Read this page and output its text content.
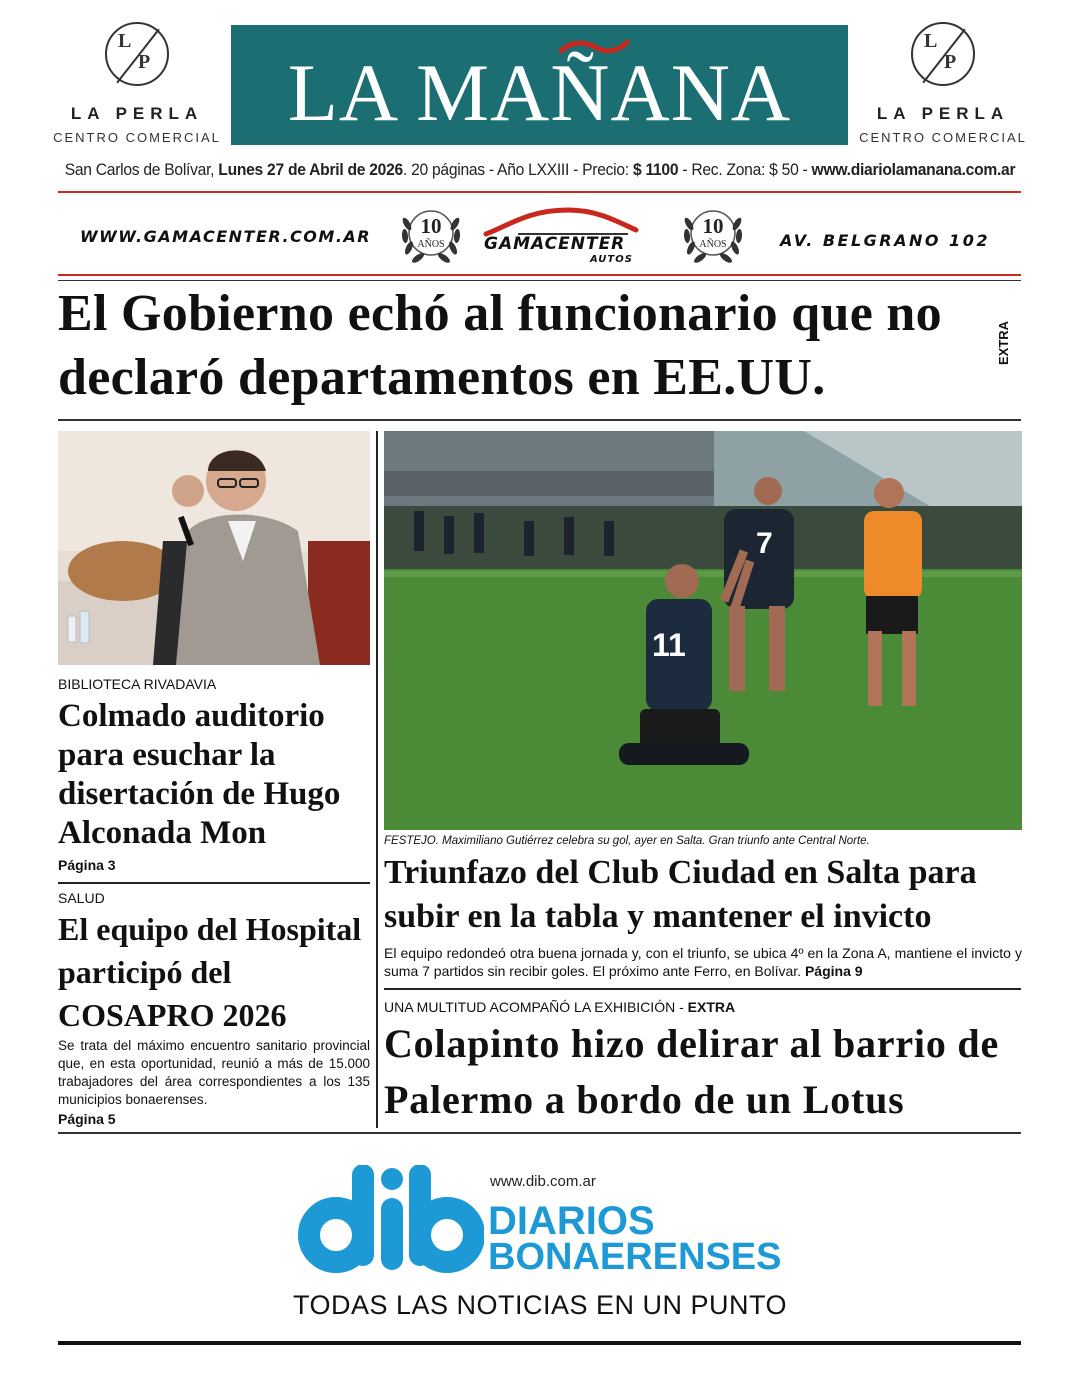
L
P
LA PERLA
CENTRO COMERCIAL LA MAÑANA
L
P
LA PERLA
CENTRO COMERCIAL
San Carlos de Bolívar, Lunes 27 de Abril de 2026. 20 páginas - Año LXXIII - Precio: $ 1100 - Rec. Zona: $ 50 - www.diariolamanana.com.ar
WWW.GAMACENTER.COM.AR	10
AÑOS	GAMACENTER
AUTOS
10
AÑOS	AV. BELGRANO 102
El Gobierno echó al funcionario que no declaró departamentos en EE.UU.
EXTRA
BIBLIOTECA RIVADAVIA
Colmado auditorio para esuchar la disertación de Hugo Alconada Mon
Página 3
SALUD
El equipo del Hospital participó del COSAPRO 2026
Se trata del máximo encuentro sanitario provincial que, en esta oportunidad, reunió a más de 15.000 trabajadores del área correspondientes a los 135 municipios bonaerenses.
Página 5
7
11
FESTEJO. Maximiliano Gutiérrez celebra su gol, ayer en Salta. Gran triunfo ante Central Norte.
Triunfazo del Club Ciudad en Salta para subir en la tabla y mantener el invicto
El equipo redondeó otra buena jornada y, con el triunfo, se ubica 4º en la Zona A, mantiene el invicto y suma 7 partidos sin recibir goles. El próximo ante Ferro, en Bolívar. Página 9
UNA MULTITUD ACOMPAÑÓ LA EXHIBICIÓN - EXTRA
Colapinto hizo delirar al barrio de Palermo a bordo de un Lotus
www.dib.com.ar
DIARIOS
BONAERENSES
TODAS LAS NOTICIAS EN UN PUNTO
